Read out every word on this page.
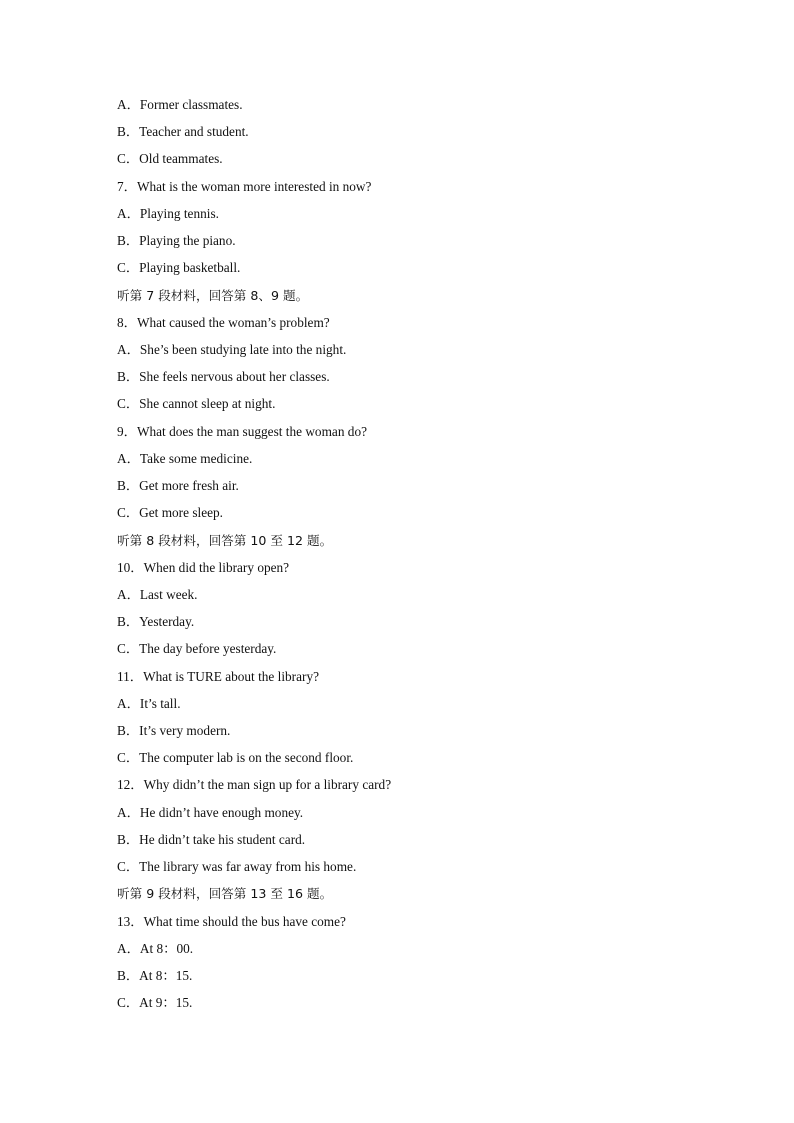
A．Former classmates.
B．Teacher and student.
C．Old teammates.
7．What is the woman more interested in now?
A．Playing tennis.
B．Playing the piano.
C．Playing basketball.
听第 7 段材料，回答第 8、9 题。
8．What caused the woman’s problem?
A．She’s been studying late into the night.
B．She feels nervous about her classes.
C．She cannot sleep at night.
9．What does the man suggest the woman do?
A．Take some medicine.
B．Get more fresh air.
C．Get more sleep.
听第 8 段材料，回答第 10 至 12 题。
10．When did the library open?
A．Last week.
B．Yesterday.
C．The day before yesterday.
11．What is TURE about the library?
A．It’s tall.
B．It’s very modern.
C．The computer lab is on the second floor.
12．Why didn’t the man sign up for a library card?
A．He didn’t have enough money.
B．He didn’t take his student card.
C．The library was far away from his home.
听第 9 段材料，回答第 13 至 16 题。
13．What time should the bus have come?
A．At 8：00.
B．At 8：15.
C．At 9：15.
